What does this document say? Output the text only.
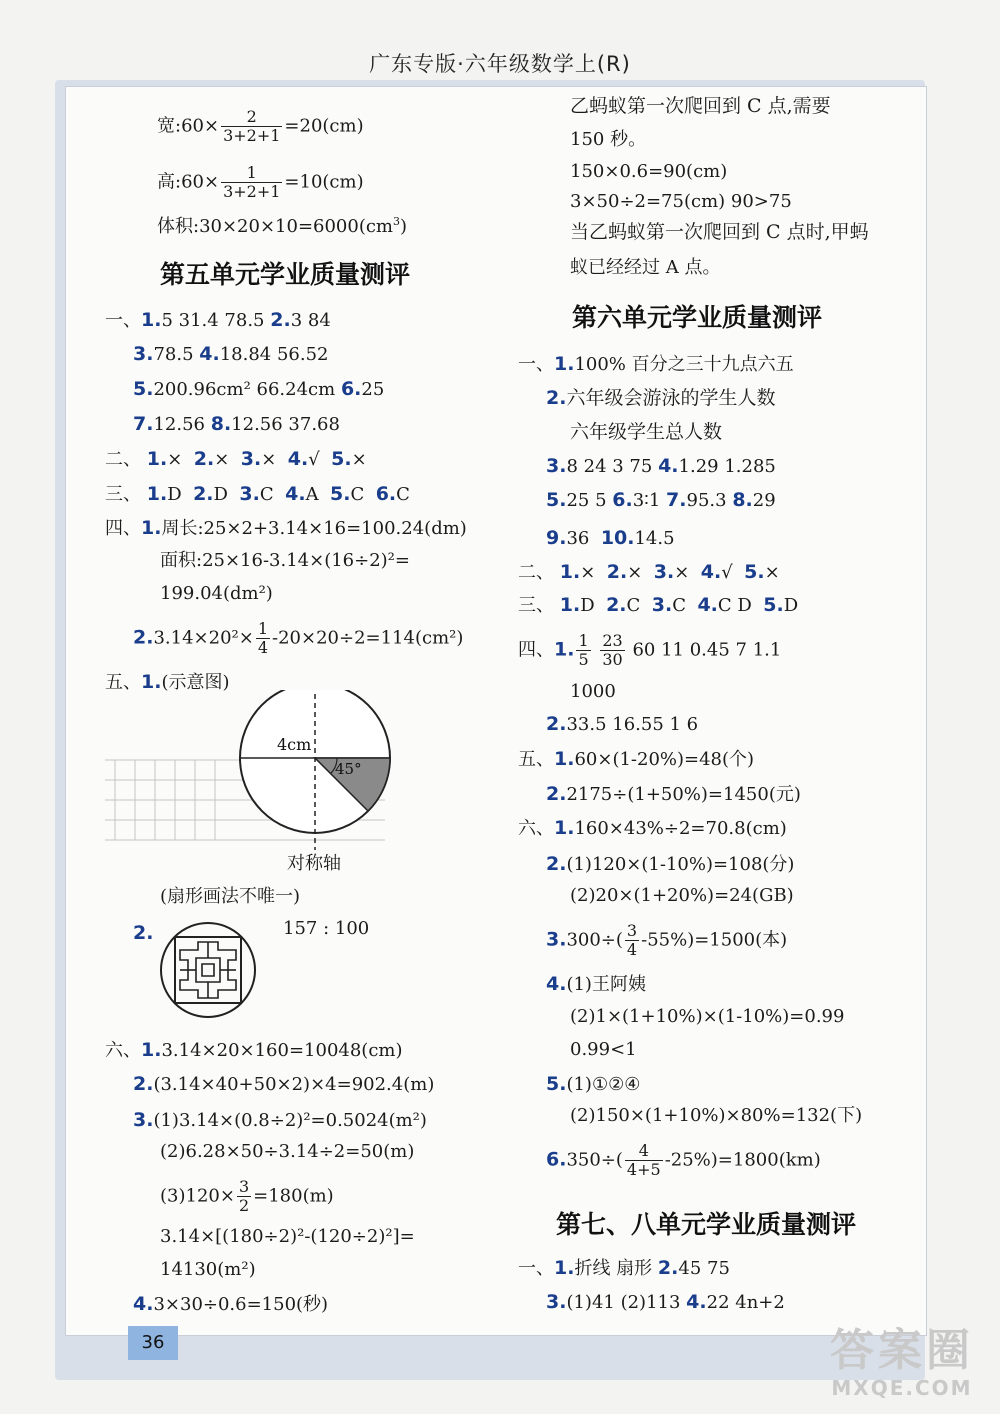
广东专版·六年级数学上(R)
宽:60× $\frac{2}{3+2+1} =20(cm)$
高:60× $\frac{1}{3+2+1} =10(cm)$
体积$:30\times 20\times 10=6000(cm^3)$
第五单元学业质量测评
一、1.5 31.4 78.5 2.3 84
3.78.5 4.18.84 56.52
5.200.96cm² 66.24cm 6.25
7.12.56 8.12.56 37.68
二、 1.× 2.× 3.× 4.√ 5.×
三、 1.D 2.D 3.C 4.A 5.C 6.C
四、1.周长:25×2+3.14×16=100.24(dm)
面积:25×16-3.14×(16÷2)²=
199.04(dm²)
$2.3.14\times 20^2\times \frac{1}{4} -20\times 20\div 2=114(cm^2)$
五、1.(示意图)
4cm
45°
对称轴
(扇形画法不唯一)
2.	157 : 100
六、1.3.14×20×160=10048(cm)
2.(3.14×40+50×2)×4=902.4(m)
3.(1)3.14×(0.8÷2)²=0.5024(m²)
(2)6.28×50÷3.14÷2=50(m)
$(3)120\times \frac{3}{2} =180(m)$
3.14×[(180÷2)²-(120÷2)²]=
14130(m²)
4.3×30÷0.6=150(秒)
乙蚂蚁第一次爬回到 C 点,需要
150 秒。
150×0.6=90(cm)
3×50÷2=75(cm) 90>75
当乙蚂蚁第一次爬回到 C 点时,甲蚂
蚁已经经过 A 点。
第六单元学业质量测评
一、1.100% 百分之三十九点六五
2.六年级会游泳的学生人数
六年级学生总人数
3.8 24 3 75 4.1.29 1.285
5.25 5 6.3∶1 7.95.3 8.29
9.36 10.14.5
二、 1.× 2.× 3.× 4.√ 5.×
三、 1.D 2.C 3.C 4.C D 5.D
四、1. $\frac{1}{5}$
$\frac{23}{30} 60$ 11 0.45 7 1.1
1000
2.33.5 16.55 1 6
五、1.60×(1-20%)=48(个)
2.2175÷(1+50%)=1450(元)
六、1.160×43%÷2=70.8(cm)
2.(1)120×(1-10%)=108(分)
(2)20×(1+20%)=24(GB)
$3.300\div( \frac{3}{4} -55\%)=1500$(本)
4.(1)王阿姨
(2)1×(1+10%)×(1-10%)=0.99
0.99<1
5.(1)①②④
(2)150×(1+10%)×80%=132(下)
$6.350\div( \frac{4}{4+5} -25\%)=1800(km)$
第七、八单元学业质量测评
一、1.折线 扇形 2.45 75
3.(1)41 (2)113 4.22 4n+2
36	答案圈
MXQE.COM
